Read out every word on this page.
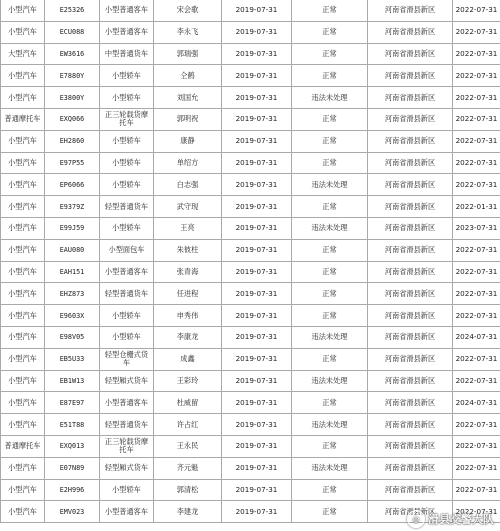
小型汽车	E25326	小型普通客车	宋会歌	2019-07-31	正常	河南省滑县新区	2022-07-31
小型汽车	ECU088	小型普通客车	李永飞	2019-07-31	正常	河南省滑县新区	2022-07-31
大型汽车	EW3616	中型普通货车	郭瑞强	2019-07-31	正常	河南省滑县新区	2022-07-31
小型汽车	E7880Y	小型轿车	仝鹤	2019-07-31	正常	河南省滑县新区	2022-07-31
小型汽车	E3800Y	小型轿车	刘国允	2019-07-31	违法未处理	河南省滑县新区	2022-07-31
普通摩托车	EXQ066	正三轮载货摩托车	郭明祝	2019-07-31	正常	河南省滑县新区	2022-07-31
小型汽车	EH2860	小型轿车	康静	2019-07-31	正常	河南省滑县新区	2022-07-31
小型汽车	E97P55	小型轿车	单绍方	2019-07-31	正常	河南省滑县新区	2022-07-31
小型汽车	EP6066	小型轿车	白志强	2019-07-31	违法未处理	河南省滑县新区	2022-07-31
小型汽车	E9379Z	轻型普通货车	武守现	2019-07-31	正常	河南省滑县新区	2022-01-31
小型汽车	E99J59	小型轿车	王亮	2019-07-31	违法未处理	河南省滑县新区	2023-07-31
小型汽车	EAU080	小型面包车	朱彼柱	2019-07-31	正常	河南省滑县新区	2022-07-31
小型汽车	EAH151	小型普通客车	张青海	2019-07-31	正常	河南省滑县新区	2022-07-31
小型汽车	EHZ873	轻型普通货车	任进程	2019-07-31	正常	河南省滑县新区	2022-07-31
小型汽车	E9603X	小型轿车	申秀伟	2019-07-31	正常	河南省滑县新区	2022-07-31
小型汽车	E98V05	小型轿车	李康龙	2019-07-31	违法未处理	河南省滑县新区	2024-07-31
小型汽车	EB5U33	轻型仓栅式货车	成鑫	2019-07-31	正常	河南省滑县新区	2022-07-31
小型汽车	EB1W13	轻型厢式货车	王彩玲	2019-07-31	违法未处理	河南省滑县新区	2022-07-31
小型汽车	E87E97	小型普通客车	杜威留	2019-07-31	正常	河南省滑县新区	2024-07-31
小型汽车	E51T88	轻型普通货车	许占红	2019-07-31	违法未处理	河南省滑县新区	2022-07-31
普通摩托车	EXQ013	正三轮载货摩托车	王永民	2019-07-31	正常	河南省滑县新区	2022-07-31
小型汽车	E07N89	轻型厢式货车	齐元魁	2019-07-31	违法未处理	河南省滑县新区	2022-07-31
小型汽车	E2H996	小型轿车	郭清松	2019-07-31	正常	河南省滑县新区	2022-07-31
小型汽车	EMV023	小型普通客车	李建龙	2019-07-31	正常	河南省滑县新区	2022-07-31
◎ 滑县交警大队
